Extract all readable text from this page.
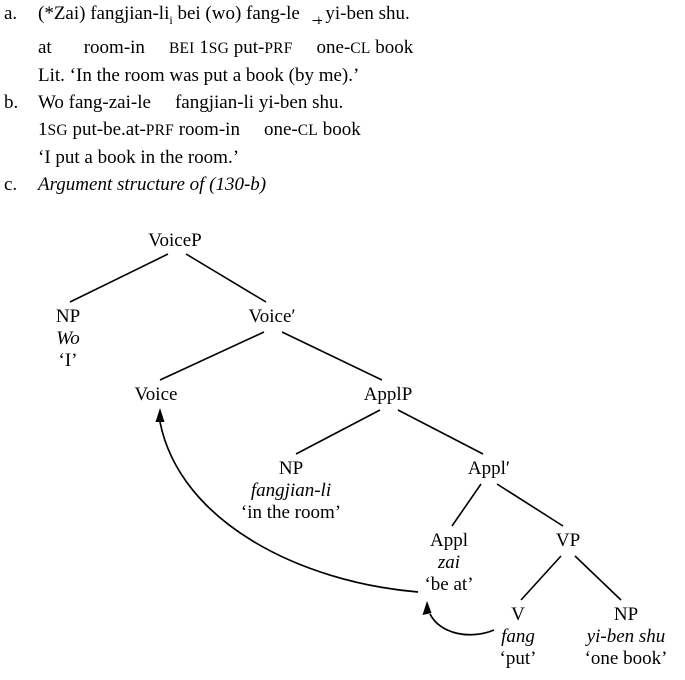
a.	(*Zai) fangjian-$li_i$ bei (wo) fang-le   $̲_i$ yi-ben shu.
at room-in BEI 1SG put-PRF one-CL book
Lit. ‘In the room was put a book (by me).’
b.	Wo fang-zai-le fangjian-li yi-ben shu.
1SG put-be.at-PRF room-in one-CL book
‘I put a book in the room.’
c.	Argument structure of (130-b)
VoiceP
NP
Wo
‘I’
Voice′
Voice	ApplP
NP
fangjian-li
‘in the room’
Appl′
Appl
zai
‘be at’
VP
V
fang
‘put’
NP
yi-ben shu
‘one book’
